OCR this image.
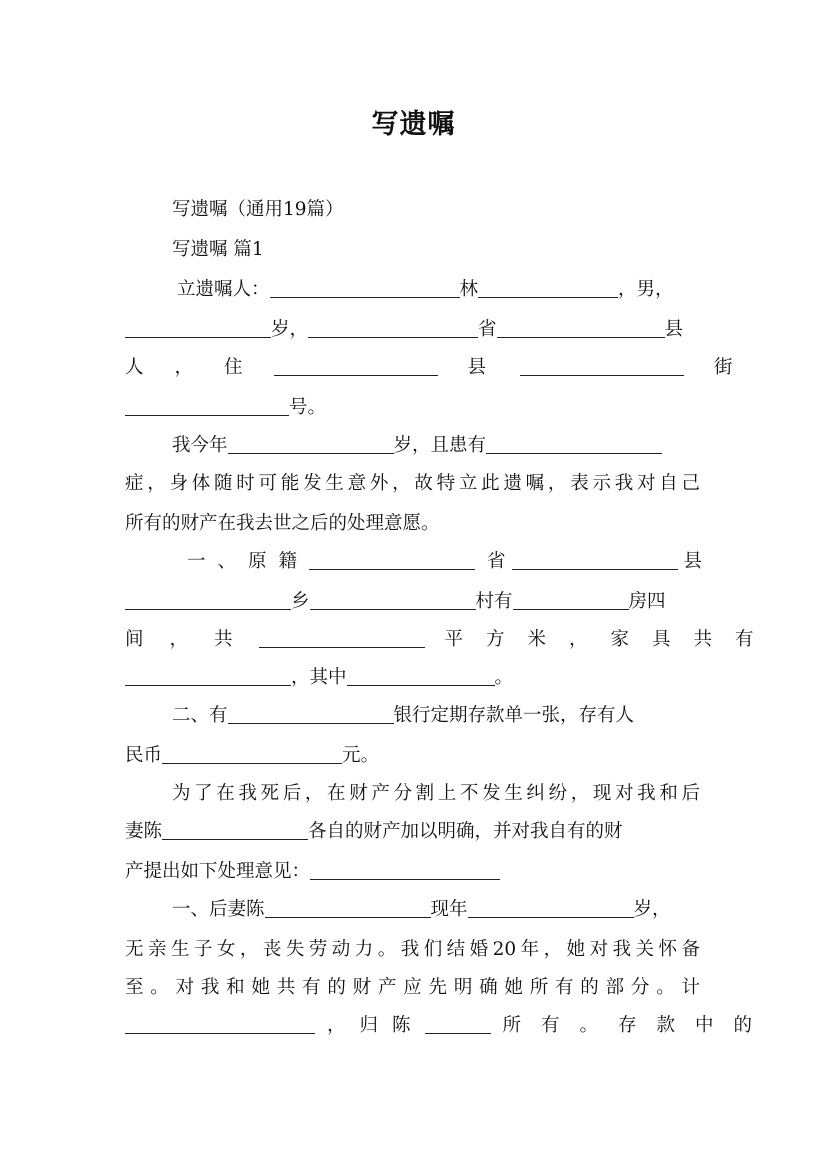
写遗嘱
写遗嘱（通用19篇）
写遗嘱 篇1
立遗嘱人：	林	，男，
岁，	省	县
人，住	县	街
号。
我今年	岁，且患有
症，身体随时可能发生意外，故特立此遗嘱，表示我对自己
所有的财产在我去世之后的处理意愿。
一、原籍	省	县
乡	村有	房四
间，共	平方米，家具共有
，其中	。
二、有	银行定期存款单一张，存有人
民币	元。
为了在我死后，在财产分割上不发生纠纷，现对我和后
妻陈	各自的财产加以明确，并对我自有的财
产提出如下处理意见：
一、后妻陈	现年	岁，
无亲生子女，丧失劳动力。我们结婚20年，她对我关怀备
至。对我和她共有的财产应先明确她所有的部分。计
，归陈	所有。存款中的
